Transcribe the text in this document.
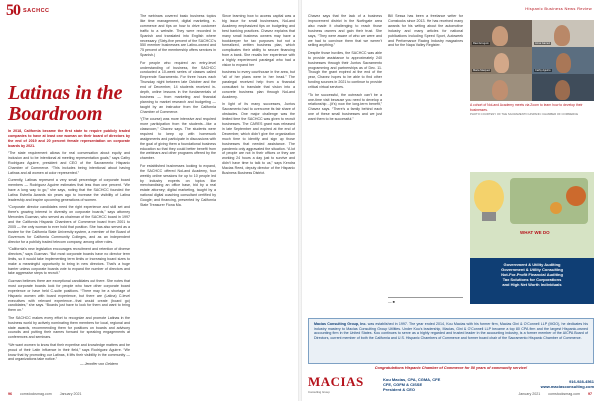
50 SACHCC
Latinas in the Boardroom

In 2018, California became the first state to require publicly traded companies to have at least one woman on their board of directors by the end of 2019 and 20 percent female representation on corporate boards by 2021.

“The state requirement allows for real conversation about equity and inclusion and to be intentional at meeting representation goals,” says Cathy Rodriguez Aguirre, president and CEO of the Sacramento Hispanic Chamber of Commerce. “This includes being intentional about having Latinas and all women at color represented.”

Currently, Latinas represent a very small percentage of corporate board members — Rodriguez Aguirre estimates that less than one percent. “We have a long way to go,” she says, noting that the SACHCC founded the Latina Estrella Awards six years ago to increase the visibility of Latina leadership and inspire upcoming generations of women.

“Corporate director candidates need the right experience and skill set and there’s growing interest in diversity on corporate boards,” says attorney Mercedes Guzman, who served as chairman of the SACHCC board in 1997 and the California Hispanic Chambers of Commerce board from 2001 to 2005 — the only woman to ever hold that position. She has also served as a trustee for the California State University system, a member of the Board of Governors for California Community Colleges, and as an independent director for a publicly traded telecom company, among other roles.

“California’s new legislation encourages recruitment and retention of diverse directors,” says Guzman. “But most corporate boards have no director term limits, so it would take implementing term limits or increasing board sizes to make a meaningful opportunity to bring in new directors. That’s a huge barrier unless corporate boards vote to expand the number of directors and take aggressive steps to recruit.”

Guzman believes there are exceptional candidates out there. She notes that most corporate boards look for people who have other corporate board experience or have held C-suite positions. “There may be a shortage of Hispanic women with board experience, but there are (Latina) C-level executives with relevant experience…that would create (board go) candidates,” she says. “Boards just have to look for them and want to bring them on.”

The SACHCC makes every effort to recognize and promote Latinas in the business world by actively nominating them members for local, regional and state awards, recommending them for positions on boards and advisory councils and putting their names forward for speaking engagements at conferences and seminars.

“We want women to know that their expertise and knowledge matters and be proud of their Latin influence in their field,” says Rodriguez Aguirre. “We know that by promoting our Latinas, it lifts their visibility in the community — and organizations take notice.”

— Jennifer von Geldern

The webinars covered basic business topics like time management, digital marketing, e-commerce and tips on how to drive customer traffic to a website. They were recorded in Spanish and translated into English where necessary. (Sixty-five percent of the SACHCC’s 550 member businesses are Latino-owned and 75 percent of the membership offers services in Spanish.)

For people who required an entry-level understanding of business, the SACHCC conducted a 10-week series of classes called Emprende Sacramento. For three hours each Thursday night between late October and the end of December, 14 students received in-depth, online lessons in the fundamentals of business — from marketing and financial planning to market research and budgeting — taught by an instructor from the California Chamber of Commerce.

“(The course) was more intensive and required more participation from the students…like a classroom,” Chavez says. The students were required to keep up with homework assignments and participate in discussions with the goal of giving them a foundational business education so that they could better benefit from the webinars and other programs offered by the chamber.

For established businesses looking to expand, the SACHCC offered NoLand Academy, four weekly online sessions for up to 10 people led by industry experts on topics like merchandising an office base, bid by a real estate attorney; digital marketing, taught by a national digital coaching consultant certified by Google; and financing, presented by California State Treasurer Fiona Ma.

Since learning how to access capital was a big issue for small businesses, NoLand Academy emphasized tips on budgeting and best banking practices. Chavez explains that many small business owners may have a bookkeeper for tax purposes but not a formalized, written business plan, which complicates their ability to secure financing from a bank. She recalls her experience with a highly experienced paralegal who had a vision to expand her

business to every courthouse in the area, but “all of her plans were in her head.” The paralegal received help from a financial consultant to translate that vision into a concrete business plan through NoLand Academy.

In light of its many successes, Juntos Sacramento had to overcome its fair share of obstacles. One major challenge was the limited time the SACHCC was given to recruit businesses. The CARES grant was released in late September and expired at the end of December, which didn’t give the organization much time to identify and sign up those businesses that needed assistance. The pandemic only aggravated the situation. “A lot of people are not in their offices or they are working 24 hours a day just to survive and didn’t have time to talk to us,” says Kendra Macias Reed, deputy director of the Hispanic Business Business District.

96 comstocksmag.com January 2021
Hispanic Business News Review

Chavez says that the lack of a business improvement district in the Northgate area also made it challenging to reach those business owners and gain their trust. She says, “They were aware of who we were and we had to convince them that we weren’t selling anything.”

Despite those hurdles, the SACHCC was able to provide assistance to approximately 240 businesses through their Juntos Sacramento programming and partnerships as of Dec. 11. Though the grant expired at the end of the year, Chavez hopes to be able to find other funding sources in 2021 to continue to provide critical virtual services.

“To be successful, the outreach can’t be a one-time visit because you need to develop a relationship…(it’s) now the long-term benefit,” Chavez says. “There’s a family behind each one of these small businesses and we just want them to be successful.”

Bill Sessa has been a freelance writer for Comstocks since 2013. He has received many awards for his writing about the automotive industry and many articles for national publications including Speed Sport, Autoweek and Performance Racing Industry magazines and for the Napa Valley Register.

— ■
Raul Arreguin	Anna Gamez
Maria Marquez	Cathy Aguirre
A cohort of NoLand Academy meets via Zoom to learn how to develop their businesses.
PHOTO COURTESY OF THE SACRAMENTO HISPANIC CHAMBER OF COMMERCE
WHAT WE DO
Government & Utility Auditing
Government & Utility Consulting
Not-For-Profit Financial Auditing
Tax Solutions for Corporations
and High Net Worth Individuals

Macias Consulting Group, Inc. was established in 1997. The year ended 2014, Kou Macias with his former firm, Macias Gini & O'Connell LLP (MGO), he dedicates his industry mastery to Macias Consulting Group Utilities. Under Kou's leadership, Macias, Gini & O'Connell LLP became a top 80 CPA firm and the largest Hispanic-owned accounting firm in the United States. Kou continues to serve as a highly regarded and trusted leader in the accounting industry, is a former member of the AICPA Board of Directors, current member of both the California and U.S. Hispanic Chambers of Commerce and former board chair of the Sacramento Hispanic Chamber of Commerce.

Congratulations Hispanic Chamber of Commerce for 50 years of community service!
MACIAS
Consulting Group
Kou Macias, CPA, CGMA, CFE
CFE, CGFM & CISSE
President & CEO
916-928-4561
www.maciasconsulting.com
January 2021 comstocksmag.com 97
